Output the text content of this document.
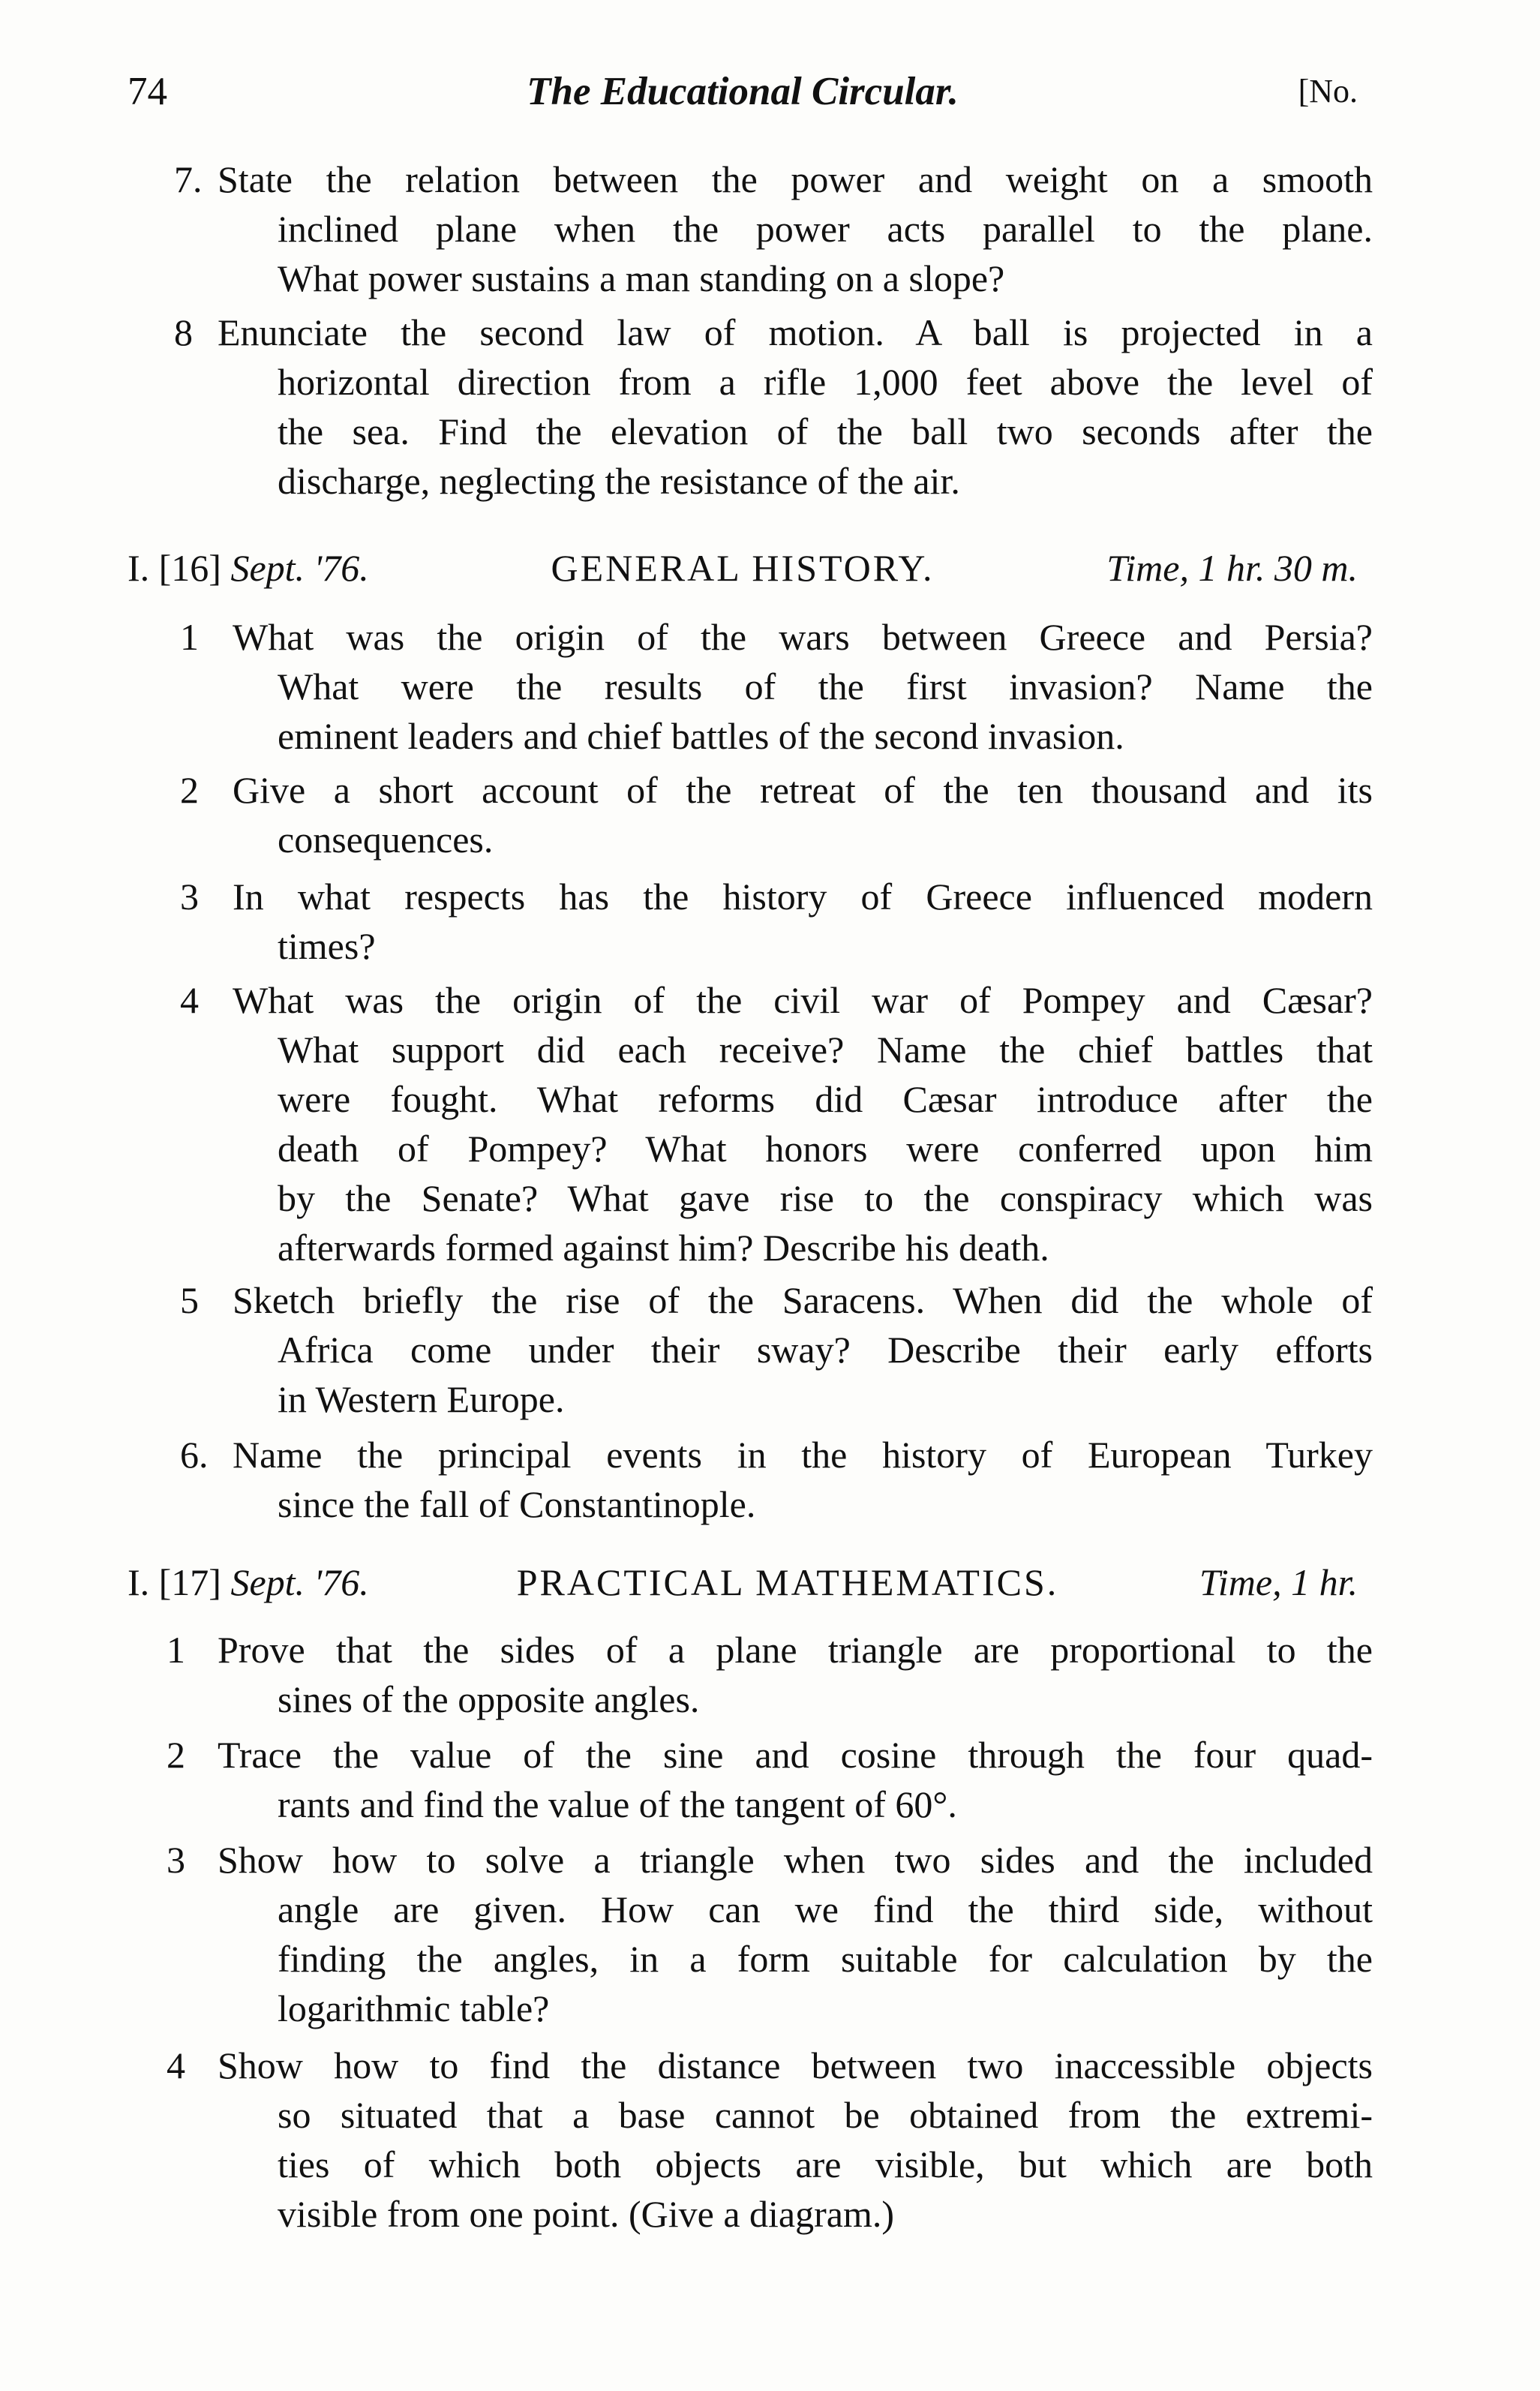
74	The Educational Circular.	[No.
7. State the relation between the power and weight on a smooth
inclined plane when the power acts parallel to the plane.
What power sustains a man standing on a slope?
8 Enunciate the second law of motion. A ball is projected in a
horizontal direction from a rifle 1,000 feet above the level of
the sea. Find the elevation of the ball two seconds after the
discharge, neglecting the resistance of the air.
I. [16] Sept. '76.	GENERAL HISTORY.	Time, 1 hr. 30 m.
1 What was the origin of the wars between Greece and Persia?
What were the results of the first invasion? Name the
eminent leaders and chief battles of the second invasion.
2 Give a short account of the retreat of the ten thousand and its
consequences.
3 In what respects has the history of Greece influenced modern
times?
4 What was the origin of the civil war of Pompey and Cæsar?
What support did each receive? Name the chief battles that
were fought. What reforms did Cæsar introduce after the
death of Pompey? What honors were conferred upon him
by the Senate? What gave rise to the conspiracy which was
afterwards formed against him? Describe his death.
5 Sketch briefly the rise of the Saracens. When did the whole of
Africa come under their sway? Describe their early efforts
in Western Europe.
6. Name the principal events in the history of European Turkey
since the fall of Constantinople.
I. [17] Sept. '76.	PRACTICAL MATHEMATICS.	Time, 1 hr.
1 Prove that the sides of a plane triangle are proportional to the
sines of the opposite angles.
2 Trace the value of the sine and cosine through the four quad-
rants and find the value of the tangent of 60°.
3 Show how to solve a triangle when two sides and the included
angle are given. How can we find the third side, without
finding the angles, in a form suitable for calculation by the
logarithmic table?
4 Show how to find the distance between two inaccessible objects
so situated that a base cannot be obtained from the extremi-
ties of which both objects are visible, but which are both
visible from one point. (Give a diagram.)
